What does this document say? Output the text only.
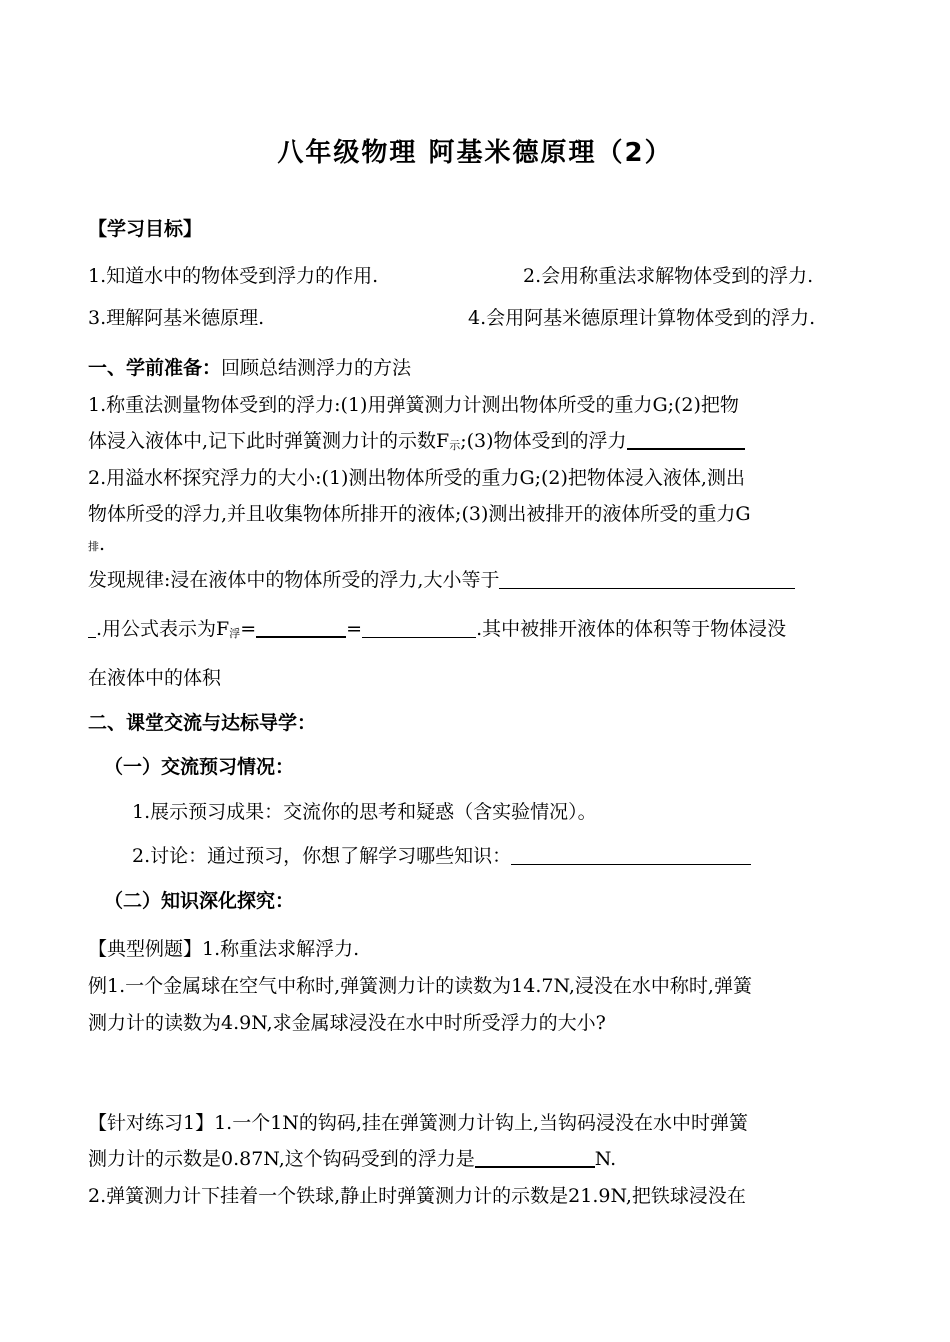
八年级物理 阿基米德原理（2）
【学习目标】
1.知道水中的物体受到浮力的作用.	2.会用称重法求解物体受到的浮力.
3.理解阿基米德原理.	4.会用阿基米德原理计算物体受到的浮力.
一、学前准备：回顾总结测浮力的方法
1.称重法测量物体受到的浮力:(1)用弹簧测力计测出物体所受的重力G;(2)把物
体浸入液体中,记下此时弹簧测力计的示数F示;(3)物体受到的浮力
2.用溢水杯探究浮力的大小:(1)测出物体所受的重力G;(2)把物体浸入液体,测出
物体所受的浮力,并且收集物体所排开的液体;(3)测出被排开的液体所受的重力G
排.
发现规律:浸在液体中的物体所受的浮力,大小等于
.用公式表示为F浮=	=	.其中被排开液体的体积等于物体浸没
在液体中的体积
二、课堂交流与达标导学：
（一）交流预习情况：
1.展示预习成果：交流你的思考和疑惑（含实验情况）。
2.讨论：通过预习，你想了解学习哪些知识：
（二）知识深化探究：
【典型例题】1.称重法求解浮力.
例1.一个金属球在空气中称时,弹簧测力计的读数为14.7N,浸没在水中称时,弹簧
测力计的读数为4.9N,求金属球浸没在水中时所受浮力的大小?
【针对练习1】1.一个1N的钩码,挂在弹簧测力计钩上,当钩码浸没在水中时弹簧
测力计的示数是0.87N,这个钩码受到的浮力是	N.
2.弹簧测力计下挂着一个铁球,静止时弹簧测力计的示数是21.9N,把铁球浸没在
